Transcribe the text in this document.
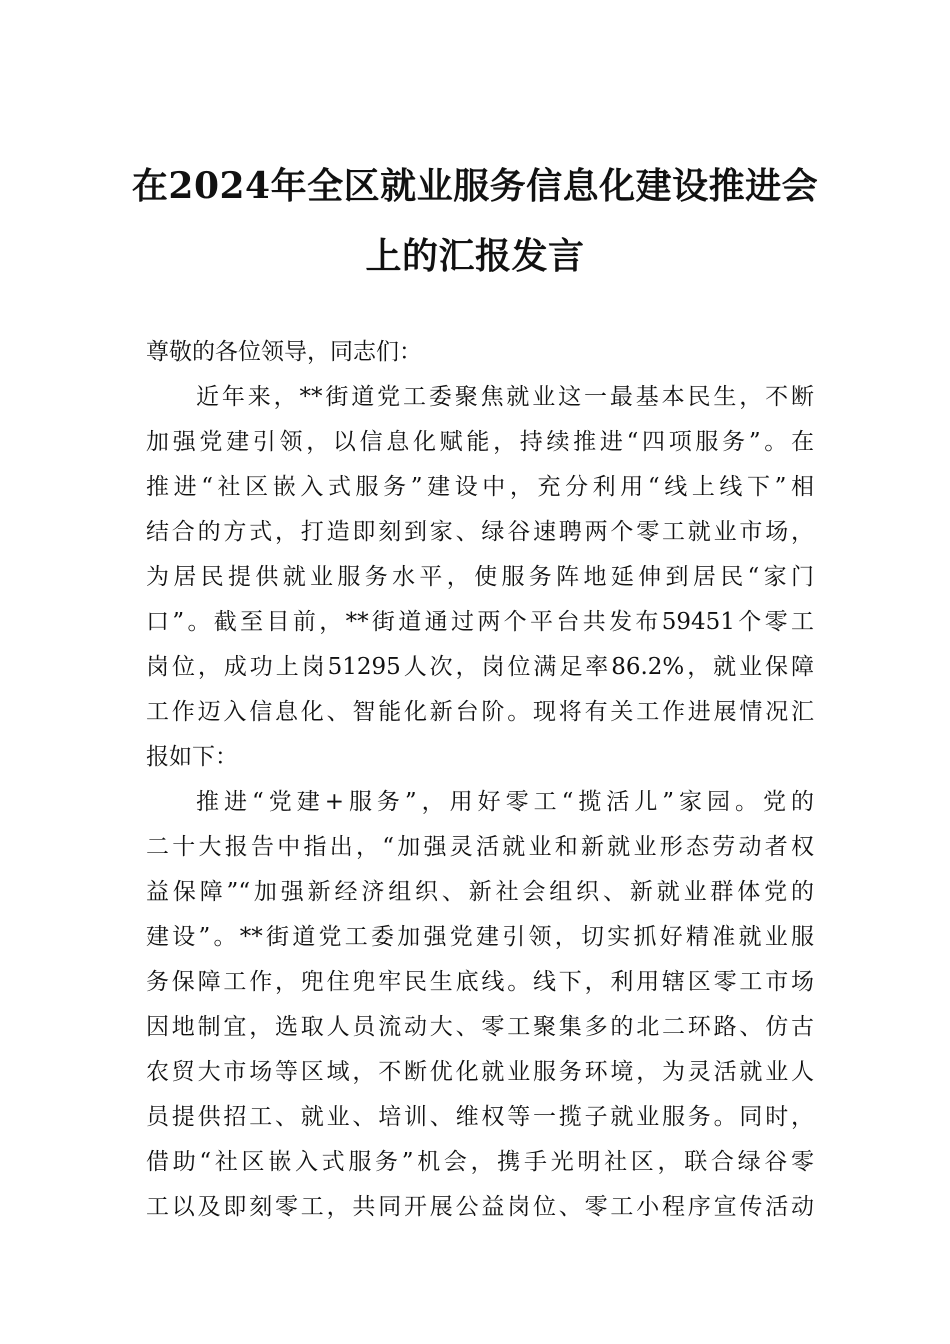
在2024年全区就业服务信息化建设推进会
上的汇报发言
尊敬的各位领导，同志们：
近年来，**街道党工委聚焦就业这一最基本民生，不断
加强党建引领，以信息化赋能，持续推进“四项服务”。在
推进“社区嵌入式服务”建设中，充分利用“线上线下”相
结合的方式，打造即刻到家、绿谷速聘两个零工就业市场，
为居民提供就业服务水平，使服务阵地延伸到居民“家门
口”。截至目前，**街道通过两个平台共发布59451个零工
岗位，成功上岗51295人次，岗位满足率86.2%，就业保障
工作迈入信息化、智能化新台阶。现将有关工作进展情况汇
报如下：
推进“党建+服务”，用好零工“揽活儿”家园。党的
二十大报告中指出，“加强灵活就业和新就业形态劳动者权
益保障”“加强新经济组织、新社会组织、新就业群体党的
建设”。**街道党工委加强党建引领，切实抓好精准就业服
务保障工作，兜住兜牢民生底线。线下，利用辖区零工市场
因地制宜，选取人员流动大、零工聚集多的北二环路、仿古
农贸大市场等区域，不断优化就业服务环境，为灵活就业人
员提供招工、就业、培训、维权等一揽子就业服务。同时，
借助“社区嵌入式服务”机会，携手光明社区，联合绿谷零
工以及即刻零工，共同开展公益岗位、零工小程序宣传活动
